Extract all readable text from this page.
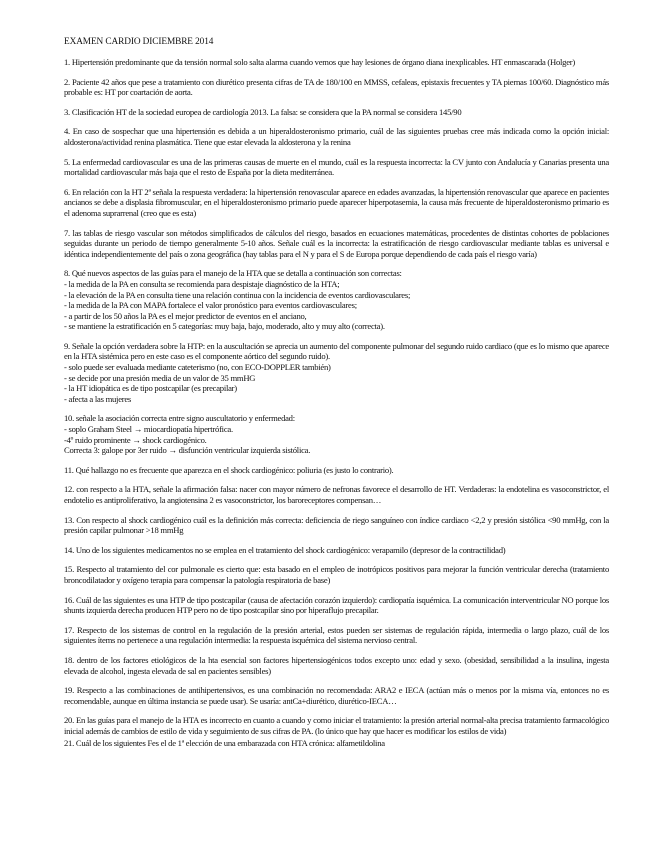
EXAMEN CARDIO DICIEMBRE 2014
1. Hipertensión predominante que da tensión normal solo salta alarma cuando vemos que hay lesiones de órgano diana inexplicables. HT enmascarada (Holger)
2. Paciente 42 años que pese a tratamiento con diurético presenta cifras de TA de 180/100 en MMSS, cefaleas, epistaxis frecuentes y TA piernas 100/60. Diagnóstico más probable es: HT por coartación de aorta.
3. Clasificación HT de la sociedad europea de cardiología 2013. La falsa: se considera que la PA normal se considera 145/90
4. En caso de sospechar que una hipertensión es debida a un hiperaldosteronismo primario, cuál de las siguientes pruebas cree más indicada como la opción inicial: aldosterona/actividad renina plasmática. Tiene que estar elevada la aldosterona y la renina
5. La enfermedad cardiovascular es una de las primeras causas de muerte en el mundo, cuál es la respuesta incorrecta: la CV junto con Andalucía y Canarias presenta una mortalidad cardiovascular más baja que el resto de España por la dieta mediterránea.
6. En relación con la HT 2ª señala la respuesta verdadera: la hipertensión renovascular aparece en edades avanzadas, la hipertensión renovascular que aparece en pacientes ancianos se debe a displasia fibromuscular, en el hiperaldosteronismo primario puede aparecer hiperpotasemia, la causa más frecuente de hiperaldosteronismo primario es el adenoma suprarrenal (creo que es esta)
7. las tablas de riesgo vascular son métodos simplificados de cálculos del riesgo, basados en ecuaciones matemáticas, procedentes de distintas cohortes de poblaciones seguidas durante un periodo de tiempo generalmente 5-10 años. Señale cuál es la incorrecta: la estratificación de riesgo cardiovascular mediante tablas es universal e idéntica independientemente del país o zona geográfica (hay tablas para el N y para el S de Europa porque dependiendo de cada país el riesgo varía)
8. Qué nuevos aspectos de las guías para el manejo de la HTA que se detalla a continuación son correctas:
- la medida de la PA en consulta se recomienda para despistaje diagnóstico de la HTA;
- la elevación de la PA en consulta tiene una relación continua con la incidencia de eventos cardiovasculares;
- la medida de la PA con MAPA fortalece el valor pronóstico para eventos cardiovasculares;
- a partir de los 50 años la PA es el mejor predictor de eventos en el anciano,
- se mantiene la estratificación en 5 categorías: muy baja, bajo, moderado, alto y muy alto (correcta).
9. Señale la opción verdadera sobre la HTP: en la auscultación se aprecia un aumento del componente pulmonar del segundo ruido cardiaco (que es lo mismo que aparece en la HTA sistémica pero en este caso es el componente aórtico del segundo ruido).
- solo puede ser evaluada mediante cateterismo (no, con ECO-DOPPLER también)
- se decide por una presión media de un valor de 35 mmHG
- la HT idiopática es de tipo postcapilar (es precapilar)
- afecta a las mujeres
10. señale la asociación correcta entre signo auscultatorio y enfermedad:
- soplo Graham Steel → miocardiopatía hipertrófica.
-4º ruido prominente → shock cardiogénico.
Correcta 3: galope por 3er ruido → disfunción ventricular izquierda sistólica.
11. Qué hallazgo no es frecuente que aparezca en el shock cardiogénico: poliuria (es justo lo contrario).
12. con respecto a la HTA, señale la afirmación falsa: nacer con mayor número de nefronas favorece el desarrollo de HT. Verdaderas: la endotelina es vasoconstrictor, el endotelio es antiproliferativo, la angiotensina 2 es vasoconstrictor, los baroreceptores compensan…
13. Con respecto al shock cardiogénico cuál es la definición más correcta: deficiencia de riego sanguíneo con índice cardiaco <2,2 y presión sistólica <90 mmHg, con la presión capilar pulmonar >18 mmHg
14. Uno de los siguientes medicamentos no se emplea en el tratamiento del shock cardiogénico: verapamilo (depresor de la contractilidad)
15. Respecto al tratamiento del cor pulmonale es cierto que: esta basado en el empleo de inotrópicos positivos para mejorar la función ventricular derecha (tratamiento broncodilatador y oxígeno terapia para compensar la patología respiratoria de base)
16. Cuál de las siguientes es una HTP de tipo postcapilar (causa de afectación corazón izquierdo): cardiopatía isquémica. La comunicación interventricular NO porque los shunts izquierda derecha producen HTP pero no de tipo postcapilar sino por hiperaflujo precapilar.
17. Respecto de los sistemas de control en la regulación de la presión arterial, estos pueden ser sistemas de regulación rápida, intermedia o largo plazo, cuál de los siguientes ítems no pertenece a una regulación intermedia: la respuesta isquémica del sistema nervioso central.
18. dentro de los factores etiológicos de la hta esencial son factores hipertensiogénicos todos excepto uno: edad y sexo. (obesidad, sensibilidad a la insulina, ingesta elevada de alcohol, ingesta elevada de sal en pacientes sensibles)
19. Respecto a las combinaciones de antihipertensivos, es una combinación no recomendada: ARA2 e IECA (actúan más o menos por la misma vía, entonces no es recomendable, aunque en última instancia se puede usar). Se usaría: antCa+diurético, diurético-IECA…
20. En las guías para el manejo de la HTA es incorrecto en cuanto a cuando y como iniciar el tratamiento: la presión arterial normal-alta precisa tratamiento farmacológico inicial además de cambios de estilo de vida y seguimiento de sus cifras de PA. (lo único que hay que hacer es modificar los estilos de vida)
21. Cuál de los siguientes Fes el de 1ª elección de una embarazada con HTA crónica: alfametildolina
